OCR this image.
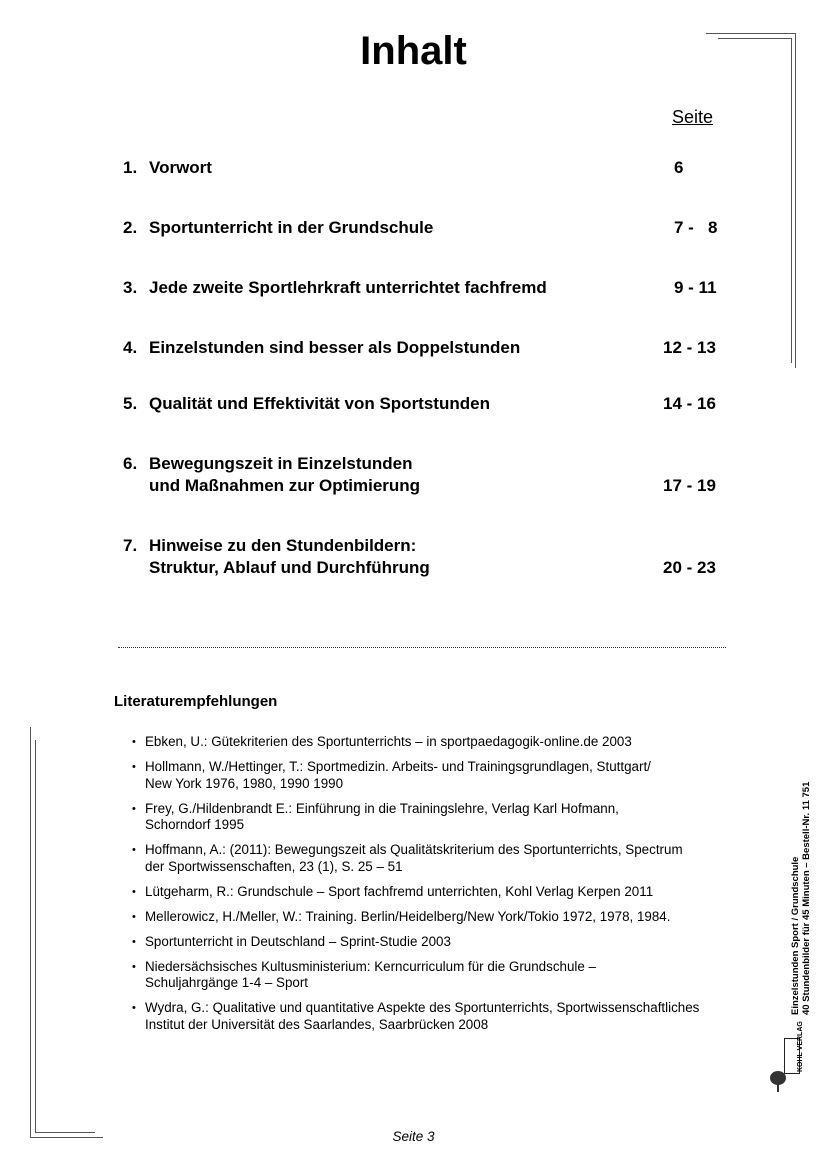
Inhalt
Seite
1. Vorwort	6
2. Sportunterricht in der Grundschule	7 -   8
3. Jede zweite Sportlehrkraft unterrichtet fachfremd	9 - 11
4. Einzelstunden sind besser als Doppelstunden	12 - 13
5. Qualität und Effektivität von Sportstunden	14 - 16
6. Bewegungszeit in Einzelstunden
und Maßnahmen zur Optimierung	17 - 19
7. Hinweise zu den Stundenbildern:
Struktur, Ablauf und Durchführung	20 - 23
Literaturempfehlungen
• Ebken, U.: Gütekriterien des Sportunterrichts – in sportpaedagogik-online.de 2003
• Hollmann, W./Hettinger, T.: Sportmedizin. Arbeits- und Trainingsgrundlagen, Stuttgart/
New York 1976, 1980, 1990 1990
• Frey, G./Hildenbrandt E.: Einführung in die Trainingslehre, Verlag Karl Hofmann,
Schorndorf 1995
• Hoffmann, A.: (2011): Bewegungszeit als Qualitätskriterium des Sportunterrichts, Spectrum
der Sportwissenschaften, 23 (1), S. 25 – 51
• Lütgeharm, R.: Grundschule – Sport fachfremd unterrichten, Kohl Verlag Kerpen 2011
• Mellerowicz, H./Meller, W.: Training. Berlin/Heidelberg/New York/Tokio 1972, 1978, 1984.
• Sportunterricht in Deutschland – Sprint-Studie 2003
• Niedersächsisches Kultusministerium: Kerncurriculum für die Grundschule –
Schuljahrgänge 1-4 – Sport
• Wydra, G.: Qualitative und quantitative Aspekte des Sportunterrichts, Sportwissenschaftliches
Institut der Universität des Saarlandes, Saarbrücken 2008
Einzelstunden Sport / Grundschule 40 Stundenbilder für 45 Minuten – Bestell-Nr. 11 751
KOHL VERLAG
Seite 3
